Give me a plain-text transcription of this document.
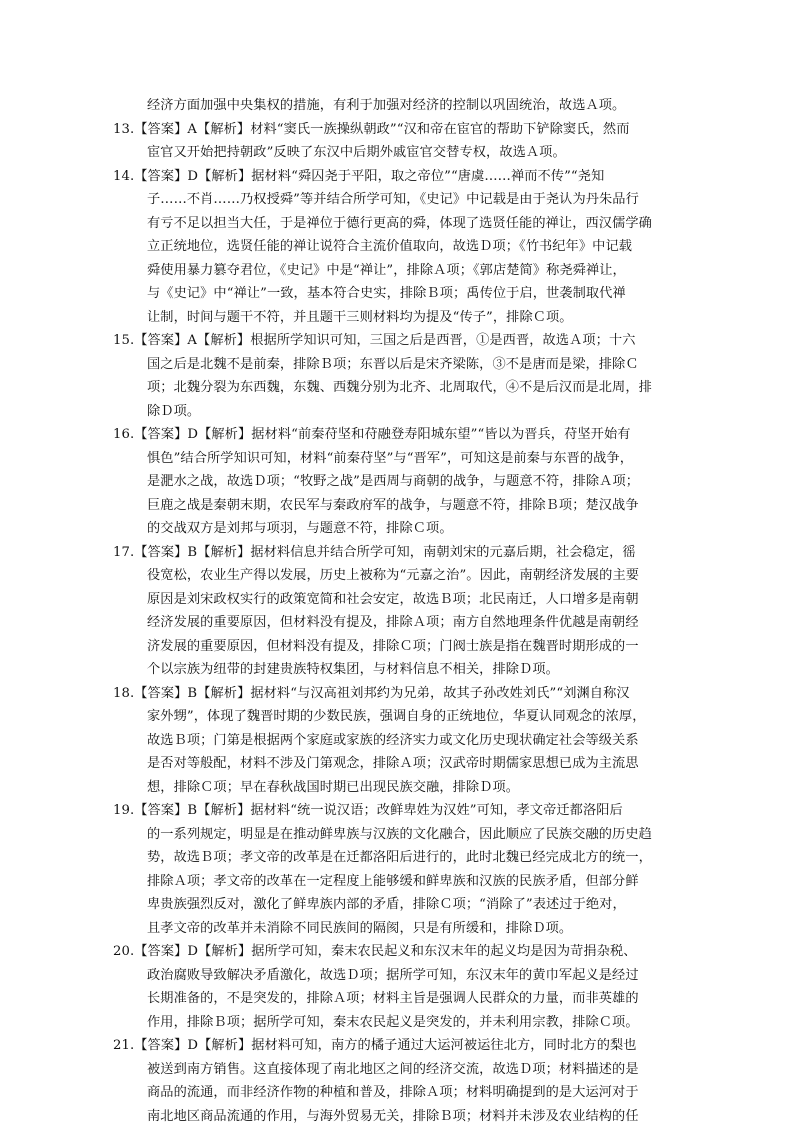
经济方面加强中央集权的措施，有利于加强对经济的控制以巩固统治，故选Ａ项。
13.【答案】A【解析】材料“窦氏一族操纵朝政”“汉和帝在宦官的帮助下铲除窦氏，然而
宦官又开始把持朝政”反映了东汉中后期外戚宦官交替专权，故选Ａ项。
14.【答案】D【解析】据材料“舜囚尧于平阳，取之帝位”“唐虞……禅而不传”“尧知
子……不肖……乃权授舜”等并结合所学可知，《史记》中记载是由于尧认为丹朱品行
有亏不足以担当大任，于是禅位于德行更高的舜，体现了选贤任能的禅让，西汉儒学确
立正统地位，选贤任能的禅让说符合主流价值取向，故选Ｄ项；《竹书纪年》中记载
舜使用暴力篡夺君位，《史记》中是“禅让”，排除Ａ项；《郭店楚简》称尧舜禅让，
与《史记》中“禅让”一致，基本符合史实，排除Ｂ项；禹传位于启，世袭制取代禅
让制，时间与题干不符，并且题干三则材料均为提及“传子”，排除Ｃ项。
15.【答案】A【解析】根据所学知识可知，三国之后是西晋，①是西晋，故选Ａ项；十六
国之后是北魏不是前秦，排除Ｂ项；东晋以后是宋齐梁陈，③不是唐而是梁，排除Ｃ
项；北魏分裂为东西魏，东魏、西魏分别为北齐、北周取代，④不是后汉而是北周，排
除Ｄ项。
16.【答案】D【解析】据材料“前秦苻坚和苻融登寿阳城东望”“皆以为晋兵，苻坚开始有
惧色”结合所学知识可知，材料“前秦苻坚”与“晋军”，可知这是前秦与东晋的战争，
是淝水之战，故选Ｄ项；“牧野之战”是西周与商朝的战争，与题意不符，排除Ａ项；
巨鹿之战是秦朝末期，农民军与秦政府军的战争，与题意不符，排除Ｂ项；楚汉战争
的交战双方是刘邦与项羽，与题意不符，排除Ｃ项。
17.【答案】B【解析】据材料信息并结合所学可知，南朝刘宋的元嘉后期，社会稳定，徭
役宽松，农业生产得以发展，历史上被称为“元嘉之治”。因此，南朝经济发展的主要
原因是刘宋政权实行的政策宽简和社会安定，故选Ｂ项；北民南迁，人口增多是南朝
经济发展的重要原因，但材料没有提及，排除Ａ项；南方自然地理条件优越是南朝经
济发展的重要原因，但材料没有提及，排除Ｃ项；门阀士族是指在魏晋时期形成的一
个以宗族为纽带的封建贵族特权集团，与材料信息不相关，排除Ｄ项。
18.【答案】B【解析】据材料“与汉高祖刘邦约为兄弟，故其子孙改姓刘氏”“刘渊自称汉
家外甥”，体现了魏晋时期的少数民族，强调自身的正统地位，华夏认同观念的浓厚，
故选Ｂ项；门第是根据两个家庭或家族的经济实力或文化历史现状确定社会等级关系
是否对等般配，材料不涉及门第观念，排除Ａ项；汉武帝时期儒家思想已成为主流思
想，排除Ｃ项；早在春秋战国时期已出现民族交融，排除Ｄ项。
19.【答案】B【解析】据材料“统一说汉语；改鲜卑姓为汉姓”可知，孝文帝迁都洛阳后
的一系列规定，明显是在推动鲜卑族与汉族的文化融合，因此顺应了民族交融的历史趋
势，故选Ｂ项；孝文帝的改革是在迁都洛阳后进行的，此时北魏已经完成北方的统一，
排除Ａ项；孝文帝的改革在一定程度上能够缓和鲜卑族和汉族的民族矛盾，但部分鲜
卑贵族强烈反对，激化了鲜卑族内部的矛盾，排除Ｃ项；“消除了”表述过于绝对，
且孝文帝的改革并未消除不同民族间的隔阂，只是有所缓和，排除Ｄ项。
20.【答案】D【解析】据所学可知，秦末农民起义和东汉末年的起义均是因为苛捐杂税、
政治腐败导致解决矛盾激化，故选Ｄ项；据所学可知，东汉末年的黄巾军起义是经过
长期准备的，不是突发的，排除Ａ项；材料主旨是强调人民群众的力量，而非英雄的
作用，排除Ｂ项；据所学可知，秦末农民起义是突发的，并未利用宗教，排除Ｃ项。
21.【答案】D【解析】据材料可知，南方的橘子通过大运河被运往北方，同时北方的梨也
被送到南方销售。这直接体现了南北地区之间的经济交流，故选Ｄ项；材料描述的是
商品的流通，而非经济作物的种植和普及，排除Ａ项；材料明确提到的是大运河对于
南北地区商品流通的作用，与海外贸易无关，排除Ｂ项；材料并未涉及农业结构的任
